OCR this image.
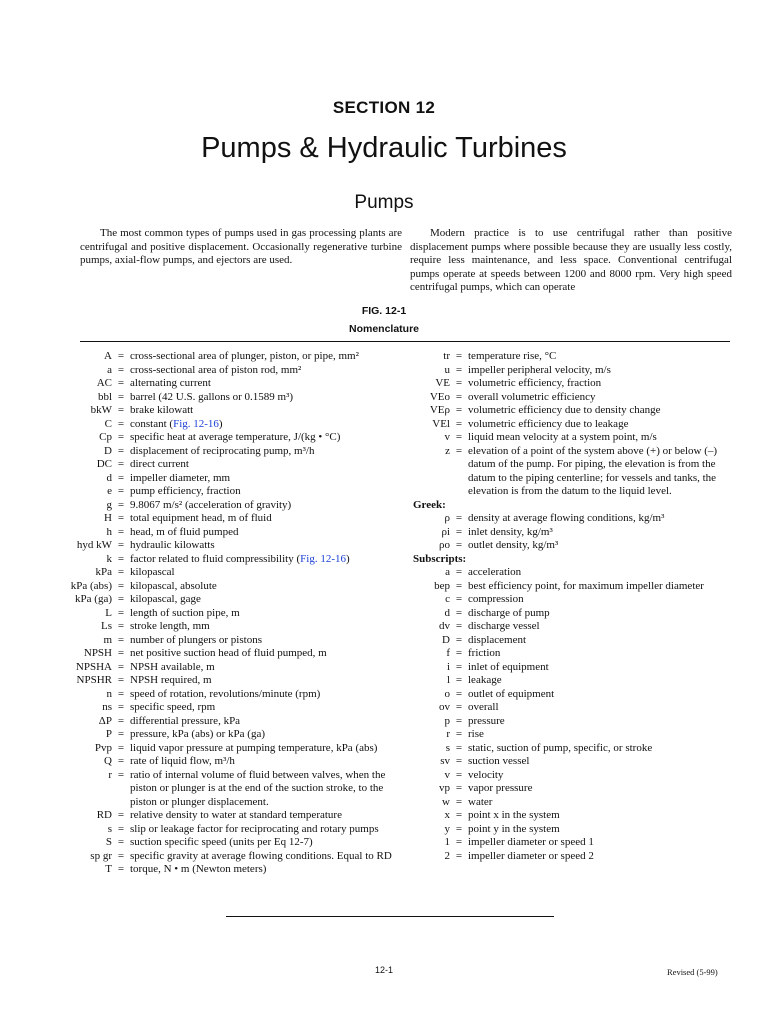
SECTION 12
Pumps & Hydraulic Turbines
Pumps

The most common types of pumps used in gas processing plants are centrifugal and positive displacement. Occasionally regenerative turbine pumps, axial-flow pumps, and ejectors are used.

Modern practice is to use centrifugal rather than positive displacement pumps where possible because they are usually less costly, require less maintenance, and less space. Conventional centrifugal pumps operate at speeds between 1200 and 8000 rpm. Very high speed centrifugal pumps, which can operate

FIG. 12-1
Nomenclature
A = cross-sectional area of plunger, piston, or pipe, mm²
a = cross-sectional area of piston rod, mm²
AC = alternating current
bbl = barrel (42 U.S. gallons or 0.1589 m³)
bkW = brake kilowatt
C = constant (Fig. 12-16)
Cp = specific heat at average temperature, J/(kg • °C)
D = displacement of reciprocating pump, m³/h
DC = direct current
d = impeller diameter, mm
e = pump efficiency, fraction
g = 9.8067 m/s² (acceleration of gravity)
H = total equipment head, m of fluid
h = head, m of fluid pumped
hyd kW = hydraulic kilowatts
k = factor related to fluid compressibility (Fig. 12-16)
kPa = kilopascal
kPa (abs) = kilopascal, absolute
kPa (ga) = kilopascal, gage
L = length of suction pipe, m
Ls = stroke length, mm
m = number of plungers or pistons
NPSH = net positive suction head of fluid pumped, m
NPSHA = NPSH available, m
NPSHR = NPSH required, m
n = speed of rotation, revolutions/minute (rpm)
ns = specific speed, rpm
ΔP = differential pressure, kPa
P = pressure, kPa (abs) or kPa (ga)
Pvp = liquid vapor pressure at pumping temperature, kPa (abs)
Q = rate of liquid flow, m³/h
r = ratio of internal volume of fluid between valves, when the piston or plunger is at the end of the suction stroke, to the piston or plunger displacement.
RD = relative density to water at standard temperature
s = slip or leakage factor for reciprocating and rotary pumps
S = suction specific speed (units per Eq 12-7)
sp gr = specific gravity at average flowing conditions. Equal to RD
T = torque, N • m (Newton meters)
tr = temperature rise, °C
u = impeller peripheral velocity, m/s
VE = volumetric efficiency, fraction
VEo = overall volumetric efficiency
VEρ = volumetric efficiency due to density change
VEl = volumetric efficiency due to leakage
v = liquid mean velocity at a system point, m/s
z = elevation of a point of the system above (+) or below (–) datum of the pump. For piping, the elevation is from the datum to the piping centerline; for vessels and tanks, the elevation is from the datum to the liquid level.
Greek:
ρ = density at average flowing conditions, kg/m³
ρi = inlet density, kg/m³
ρo = outlet density, kg/m³
Subscripts:
a = acceleration
bep = best efficiency point, for maximum impeller diameter
c = compression
d = discharge of pump
dv = discharge vessel
D = displacement
f = friction
i = inlet of equipment
l = leakage
o = outlet of equipment
ov = overall
p = pressure
r = rise
s = static, suction of pump, specific, or stroke
sv = suction vessel
v = velocity
vp = vapor pressure
w = water
x = point x in the system
y = point y in the system
1 = impeller diameter or speed 1
2 = impeller diameter or speed 2
12-1	Revised (5-99)
